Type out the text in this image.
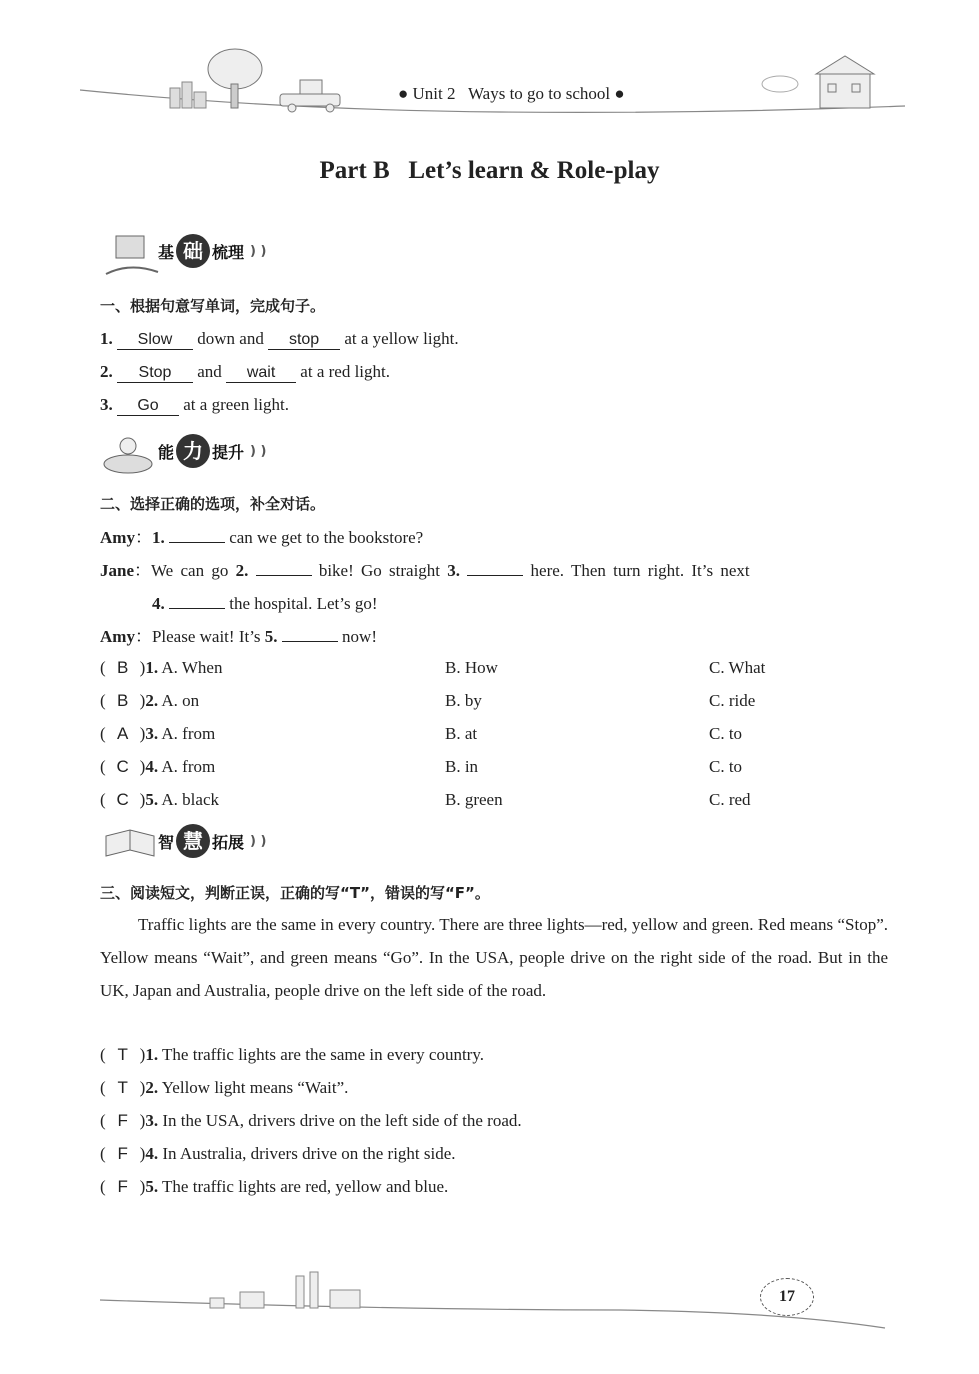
● Unit 2 Ways to go to school ●
Part B   Let’s learn & Role-play
基 础 梳理 ) )
一、根据句意写单词，完成句子。
1. Slow down and stop at a yellow light.
2. Stop and wait at a red light.
3. Go at a green light.
能 力 提升 ) )
二、选择正确的选项，补全对话。
Amy：1.	can we get to the bookstore?
Jane：We can go 2.	bike! Go straight 3.	here. Then turn right. It’s next
4.	the hospital. Let’s go!
Amy：Please wait! It’s 5.	now!
( B )1. A. When	B. How	C. What
( B )2. A. on	B. by	C. ride
( A )3. A. from	B. at	C. to
( C )4. A. from	B. in	C. to
( C )5. A. black	B. green	C. red
智 慧 拓展 ) )
三、阅读短文，判断正误，正确的写“T”，错误的写“F”。
Traffic lights are the same in every country. There are three lights—red, yellow and green. Red means “Stop”. Yellow means “Wait”, and green means “Go”. In the USA, people drive on the right side of the road. But in the UK, Japan and Australia, people drive on the left side of the road.
( T )1. The traffic lights are the same in every country.
( T )2. Yellow light means “Wait”.
( F )3. In the USA, drivers drive on the left side of the road.
( F )4. In Australia, drivers drive on the right side.
( F )5. The traffic lights are red, yellow and blue.
17
